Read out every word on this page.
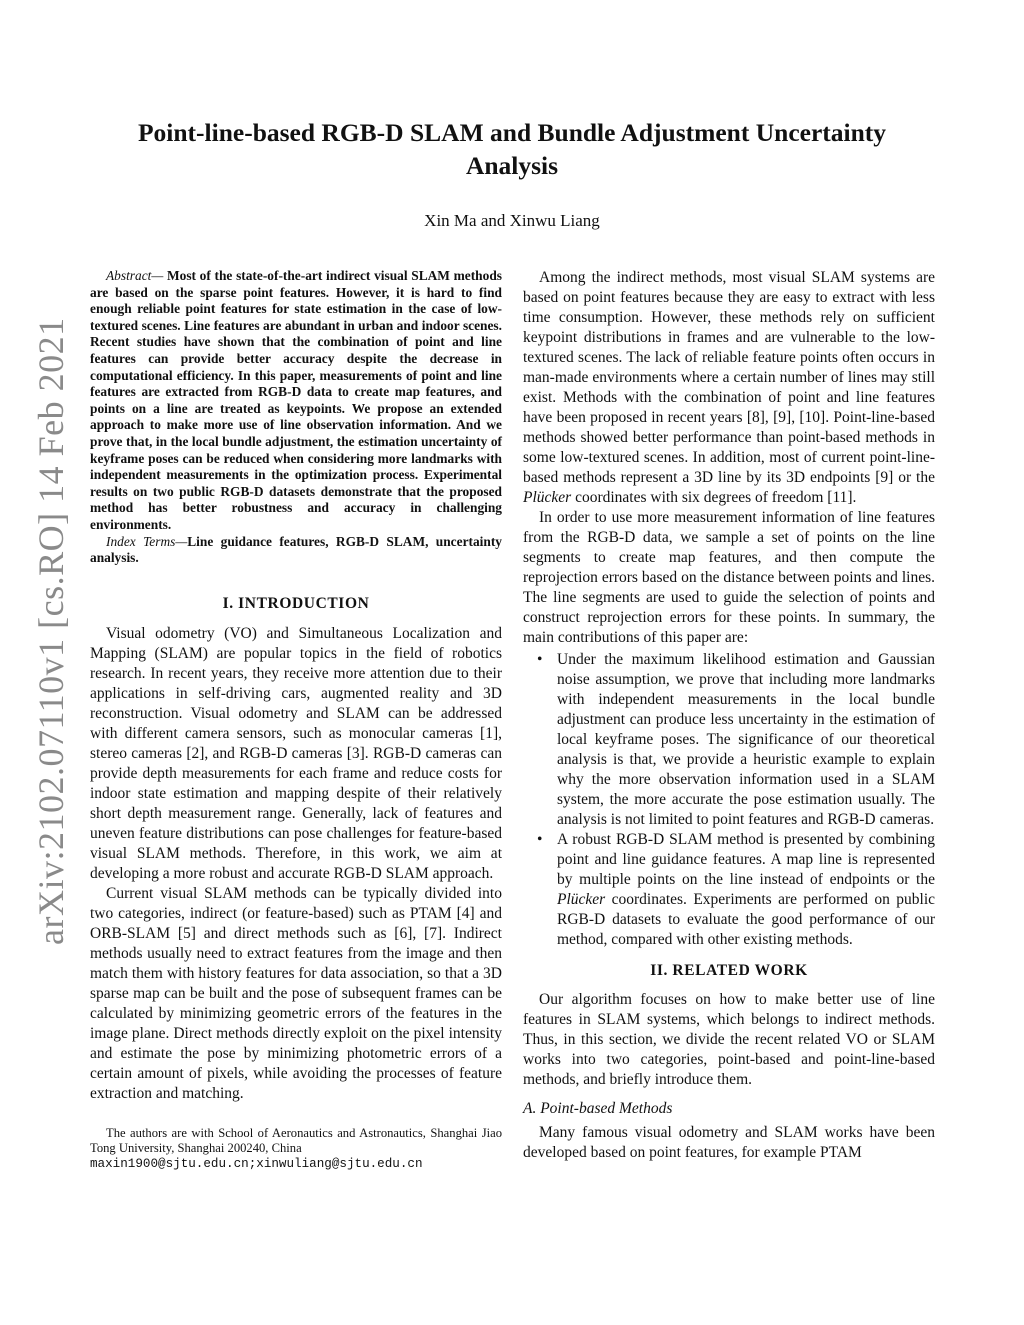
arXiv:2102.07110v1 [cs.RO] 14 Feb 2021
Point-line-based RGB-D SLAM and Bundle Adjustment Uncertainty Analysis
Xin Ma and Xinwu Liang

Abstract— Most of the state-of-the-art indirect visual SLAM methods are based on the sparse point features. However, it is hard to find enough reliable point features for state estimation in the case of low-textured scenes. Line features are abundant in urban and indoor scenes. Recent studies have shown that the combination of point and line features can provide better accuracy despite the decrease in computational efficiency. In this paper, measurements of point and line features are extracted from RGB-D data to create map features, and points on a line are treated as keypoints. We propose an extended approach to make more use of line observation information. And we prove that, in the local bundle adjustment, the estimation uncertainty of keyframe poses can be reduced when considering more landmarks with independent measurements in the optimization process. Experimental results on two public RGB-D datasets demonstrate that the proposed method has better robustness and accuracy in challenging environments.

Index Terms—Line guidance features, RGB-D SLAM, uncertainty analysis.

I. INTRODUCTION

Visual odometry (VO) and Simultaneous Localization and Mapping (SLAM) are popular topics in the field of robotics research. In recent years, they receive more attention due to their applications in self-driving cars, augmented reality and 3D reconstruction. Visual odometry and SLAM can be addressed with different camera sensors, such as monocular cameras [1], stereo cameras [2], and RGB-D cameras [3]. RGB-D cameras can provide depth measurements for each frame and reduce costs for indoor state estimation and mapping despite of their relatively short depth measurement range. Generally, lack of features and uneven feature distributions can pose challenges for feature-based visual SLAM methods. Therefore, in this work, we aim at developing a more robust and accurate RGB-D SLAM approach.

Current visual SLAM methods can be typically divided into two categories, indirect (or feature-based) such as PTAM [4] and ORB-SLAM [5] and direct methods such as [6], [7]. Indirect methods usually need to extract features from the image and then match them with history features for data association, so that a 3D sparse map can be built and the pose of subsequent frames can be calculated by minimizing geometric errors of the features in the image plane. Direct methods directly exploit on the pixel intensity and estimate the pose by minimizing photometric errors of a certain amount of pixels, while avoiding the processes of feature extraction and matching.

The authors are with School of Aeronautics and Astronautics, Shanghai Jiao Tong University, Shanghai 200240, China
maxin1900@sjtu.edu.cn;xinwuliang@sjtu.edu.cn

Among the indirect methods, most visual SLAM systems are based on point features because they are easy to extract with less time consumption. However, these methods rely on sufficient keypoint distributions in frames and are vulnerable to the low-textured scenes. The lack of reliable feature points often occurs in man-made environments where a certain number of lines may still exist. Methods with the combination of point and line features have been proposed in recent years [8], [9], [10]. Point-line-based methods showed better performance than point-based methods in some low-textured scenes. In addition, most of current point-line-based methods represent a 3D line by its 3D endpoints [9] or the Plücker coordinates with six degrees of freedom [11].

In order to use more measurement information of line features from the RGB-D data, we sample a set of points on the line segments to create map features, and then compute the reprojection errors based on the distance between points and lines. The line segments are used to guide the selection of points and construct reprojection errors for these points. In summary, the main contributions of this paper are:

• Under the maximum likelihood estimation and Gaussian noise assumption, we prove that including more landmarks with independent measurements in the local bundle adjustment can produce less uncertainty in the estimation of local keyframe poses. The significance of our theoretical analysis is that, we provide a heuristic example to explain why the more observation information used in a SLAM system, the more accurate the pose estimation usually. The analysis is not limited to point features and RGB-D cameras.
• A robust RGB-D SLAM method is presented by combining point and line guidance features. A map line is represented by multiple points on the line instead of endpoints or the Plücker coordinates. Experiments are performed on public RGB-D datasets to evaluate the good performance of our method, compared with other existing methods.
II. RELATED WORK

Our algorithm focuses on how to make better use of line features in SLAM systems, which belongs to indirect methods. Thus, in this section, we divide the recent related VO or SLAM works into two categories, point-based and point-line-based methods, and briefly introduce them.

A. Point-based Methods

Many famous visual odometry and SLAM works have been developed based on point features, for example PTAM
